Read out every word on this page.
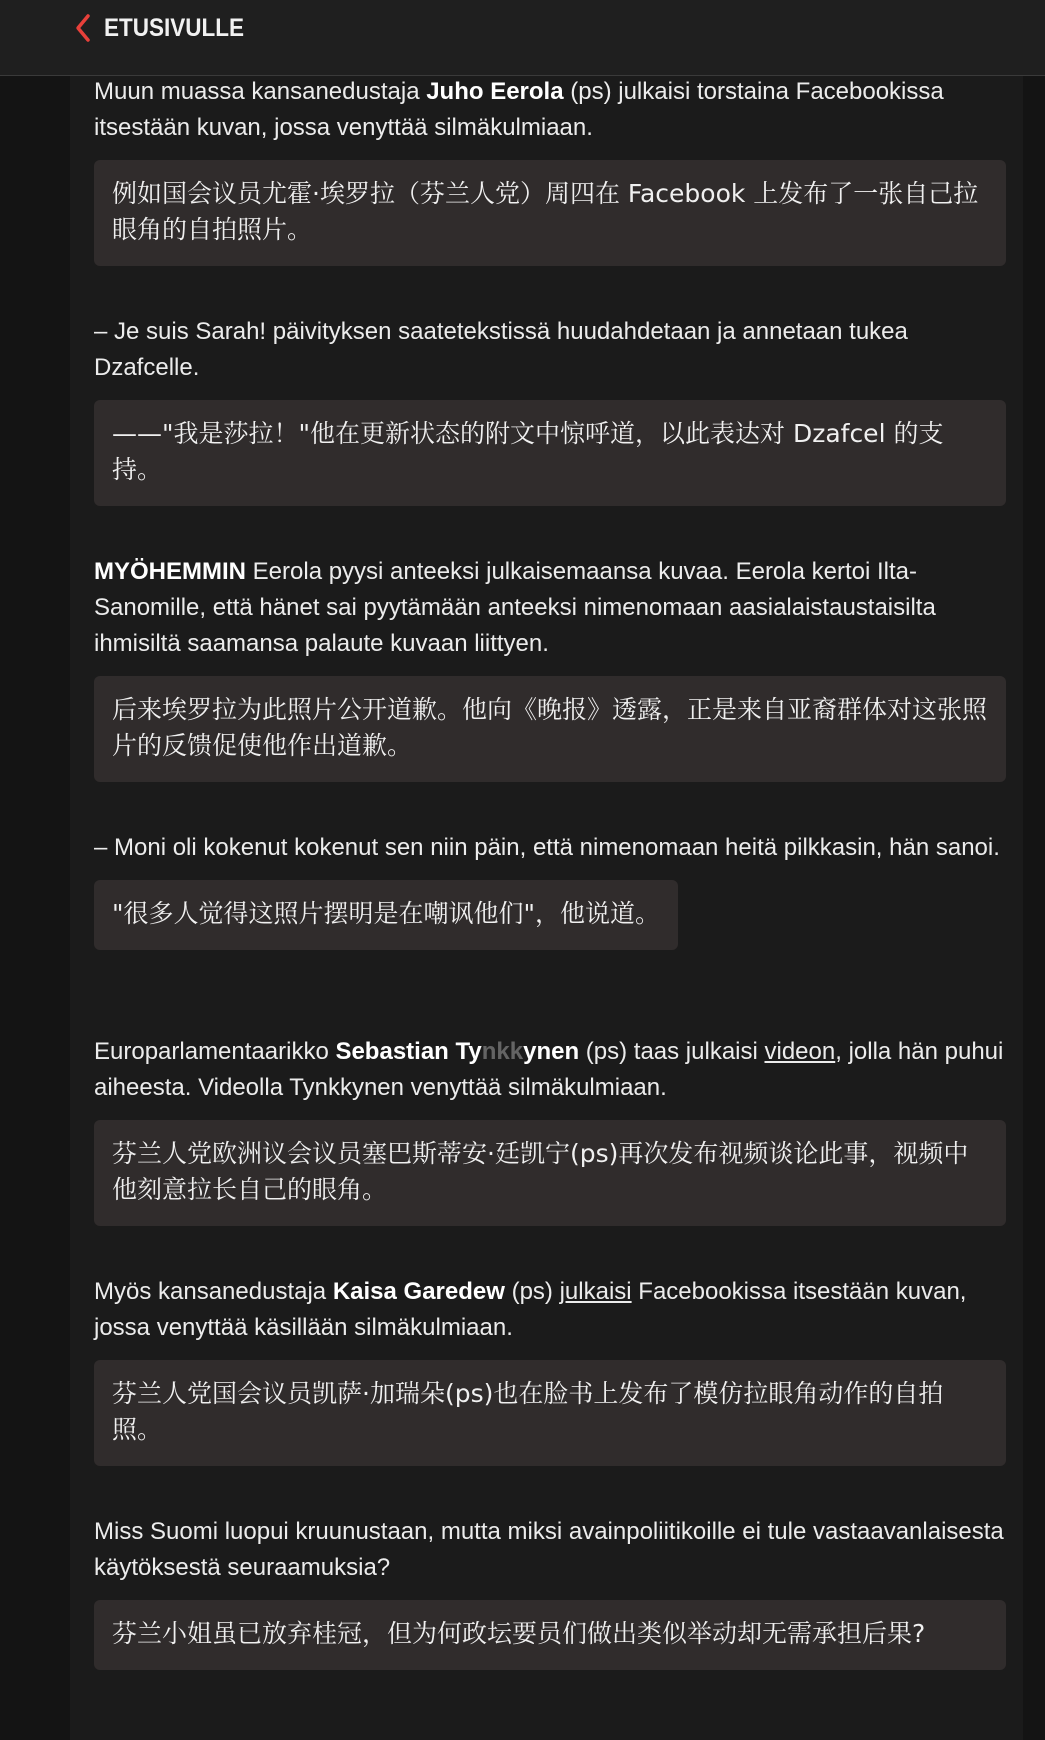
ETUSIVULLE

Muun muassa kansanedustaja Juho Eerola (ps) julkaisi torstaina Facebookissa itsestään kuvan, jossa venyttää silmäkulmiaan.

例如国会议员尤霍·埃罗拉（芬兰人党）周四在 Facebook 上发布了一张自己拉眼角的自拍照片。

– Je suis Sarah! päivityksen saatetekstissä huudahdetaan ja annetaan tukea Dzafcelle.

——"我是莎拉！"他在更新状态的附文中惊呼道，以此表达对 Dzafcel 的支持。

MYÖHEMMIN Eerola pyysi anteeksi julkaisemaansa kuvaa. Eerola kertoi Ilta-Sanomille, että hänet sai pyytämään anteeksi nimenomaan aasialaistaustaisilta ihmisiltä saamansa palaute kuvaan liittyen.

后来埃罗拉为此照片公开道歉。他向《晚报》透露，正是来自亚裔群体对这张照片的反馈促使他作出道歉。

– Moni oli kokenut kokenut sen niin päin, että nimenomaan heitä pilkkasin, hän sanoi.

"很多人觉得这照片摆明是在嘲讽他们"，他说道。

Europarlamentaarikko Sebastian Tynkkynen (ps) taas julkaisi videon, jolla hän puhui aiheesta. Videolla Tynkkynen venyttää silmäkulmiaan.

芬兰人党欧洲议会议员塞巴斯蒂安·廷凯宁(ps)再次发布视频谈论此事，视频中他刻意拉长自己的眼角。

Myös kansanedustaja Kaisa Garedew (ps) julkaisi Facebookissa itsestään kuvan, jossa venyttää käsillään silmäkulmiaan.

芬兰人党国会议员凯萨·加瑞朵(ps)也在脸书上发布了模仿拉眼角动作的自拍照。

Miss Suomi luopui kruunustaan, mutta miksi avainpoliitikoille ei tule vastaavanlaisesta käytöksestä seuraamuksia?

芬兰小姐虽已放弃桂冠，但为何政坛要员们做出类似举动却无需承担后果?
